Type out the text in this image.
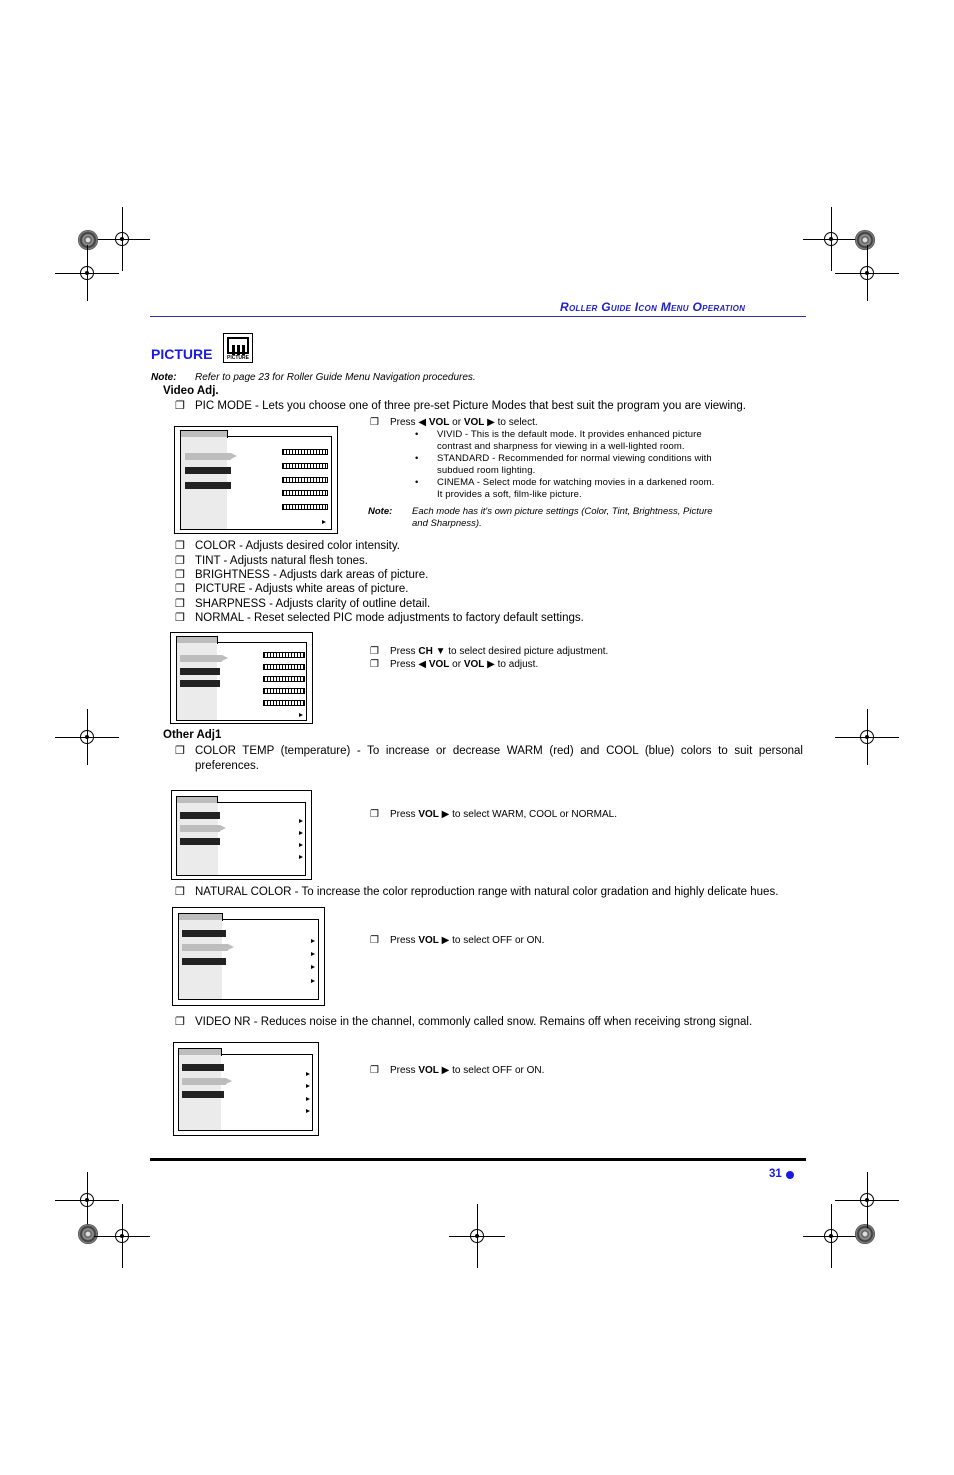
Roller Guide Icon Menu Operation
PICTURE	PICTURE
Note: Refer to page 23 for Roller Guide Menu Navigation procedures.
Video Adj.
❐ PIC MODE - Lets you choose one of three pre-set Picture Modes that best suit the program you are viewing.
❐	Press ◀ VOL or VOL ▶ to select.
• VIVID - This is the default mode. It provides enhanced picture
contrast and sharpness for viewing in a well-lighted room.
• STANDARD - Recommended for normal viewing conditions with
subdued room lighting.
• CINEMA - Select mode for watching movies in a darkened room.
It provides a soft, film-like picture.
Note: Each mode has it's own picture settings (Color, Tint, Brightness, Picture
and Sharpness).
❐ COLOR - Adjusts desired color intensity.
❐ TINT - Adjusts natural flesh tones.
❐ BRIGHTNESS - Adjusts dark areas of picture.
❐ PICTURE - Adjusts white areas of picture.
❐ SHARPNESS - Adjusts clarity of outline detail.
❐ NORMAL - Reset selected PIC mode adjustments to factory default settings.
❐	Press CH ▼ to select desired picture adjustment.
❐	Press ◀ VOL or VOL ▶ to adjust.
Other Adj1
❐ COLOR TEMP (temperature) - To increase or decrease WARM (red) and COOL (blue) colors to suit personal
preferences.
❐	Press VOL ▶ to select WARM, COOL or NORMAL.
❐ NATURAL COLOR - To increase the color reproduction range with natural color gradation and highly delicate hues.
❐	Press VOL ▶ to select OFF or ON.
❐ VIDEO NR - Reduces noise in the channel, commonly called snow. Remains off when receiving strong signal.
❐	Press VOL ▶ to select OFF or ON.
31
